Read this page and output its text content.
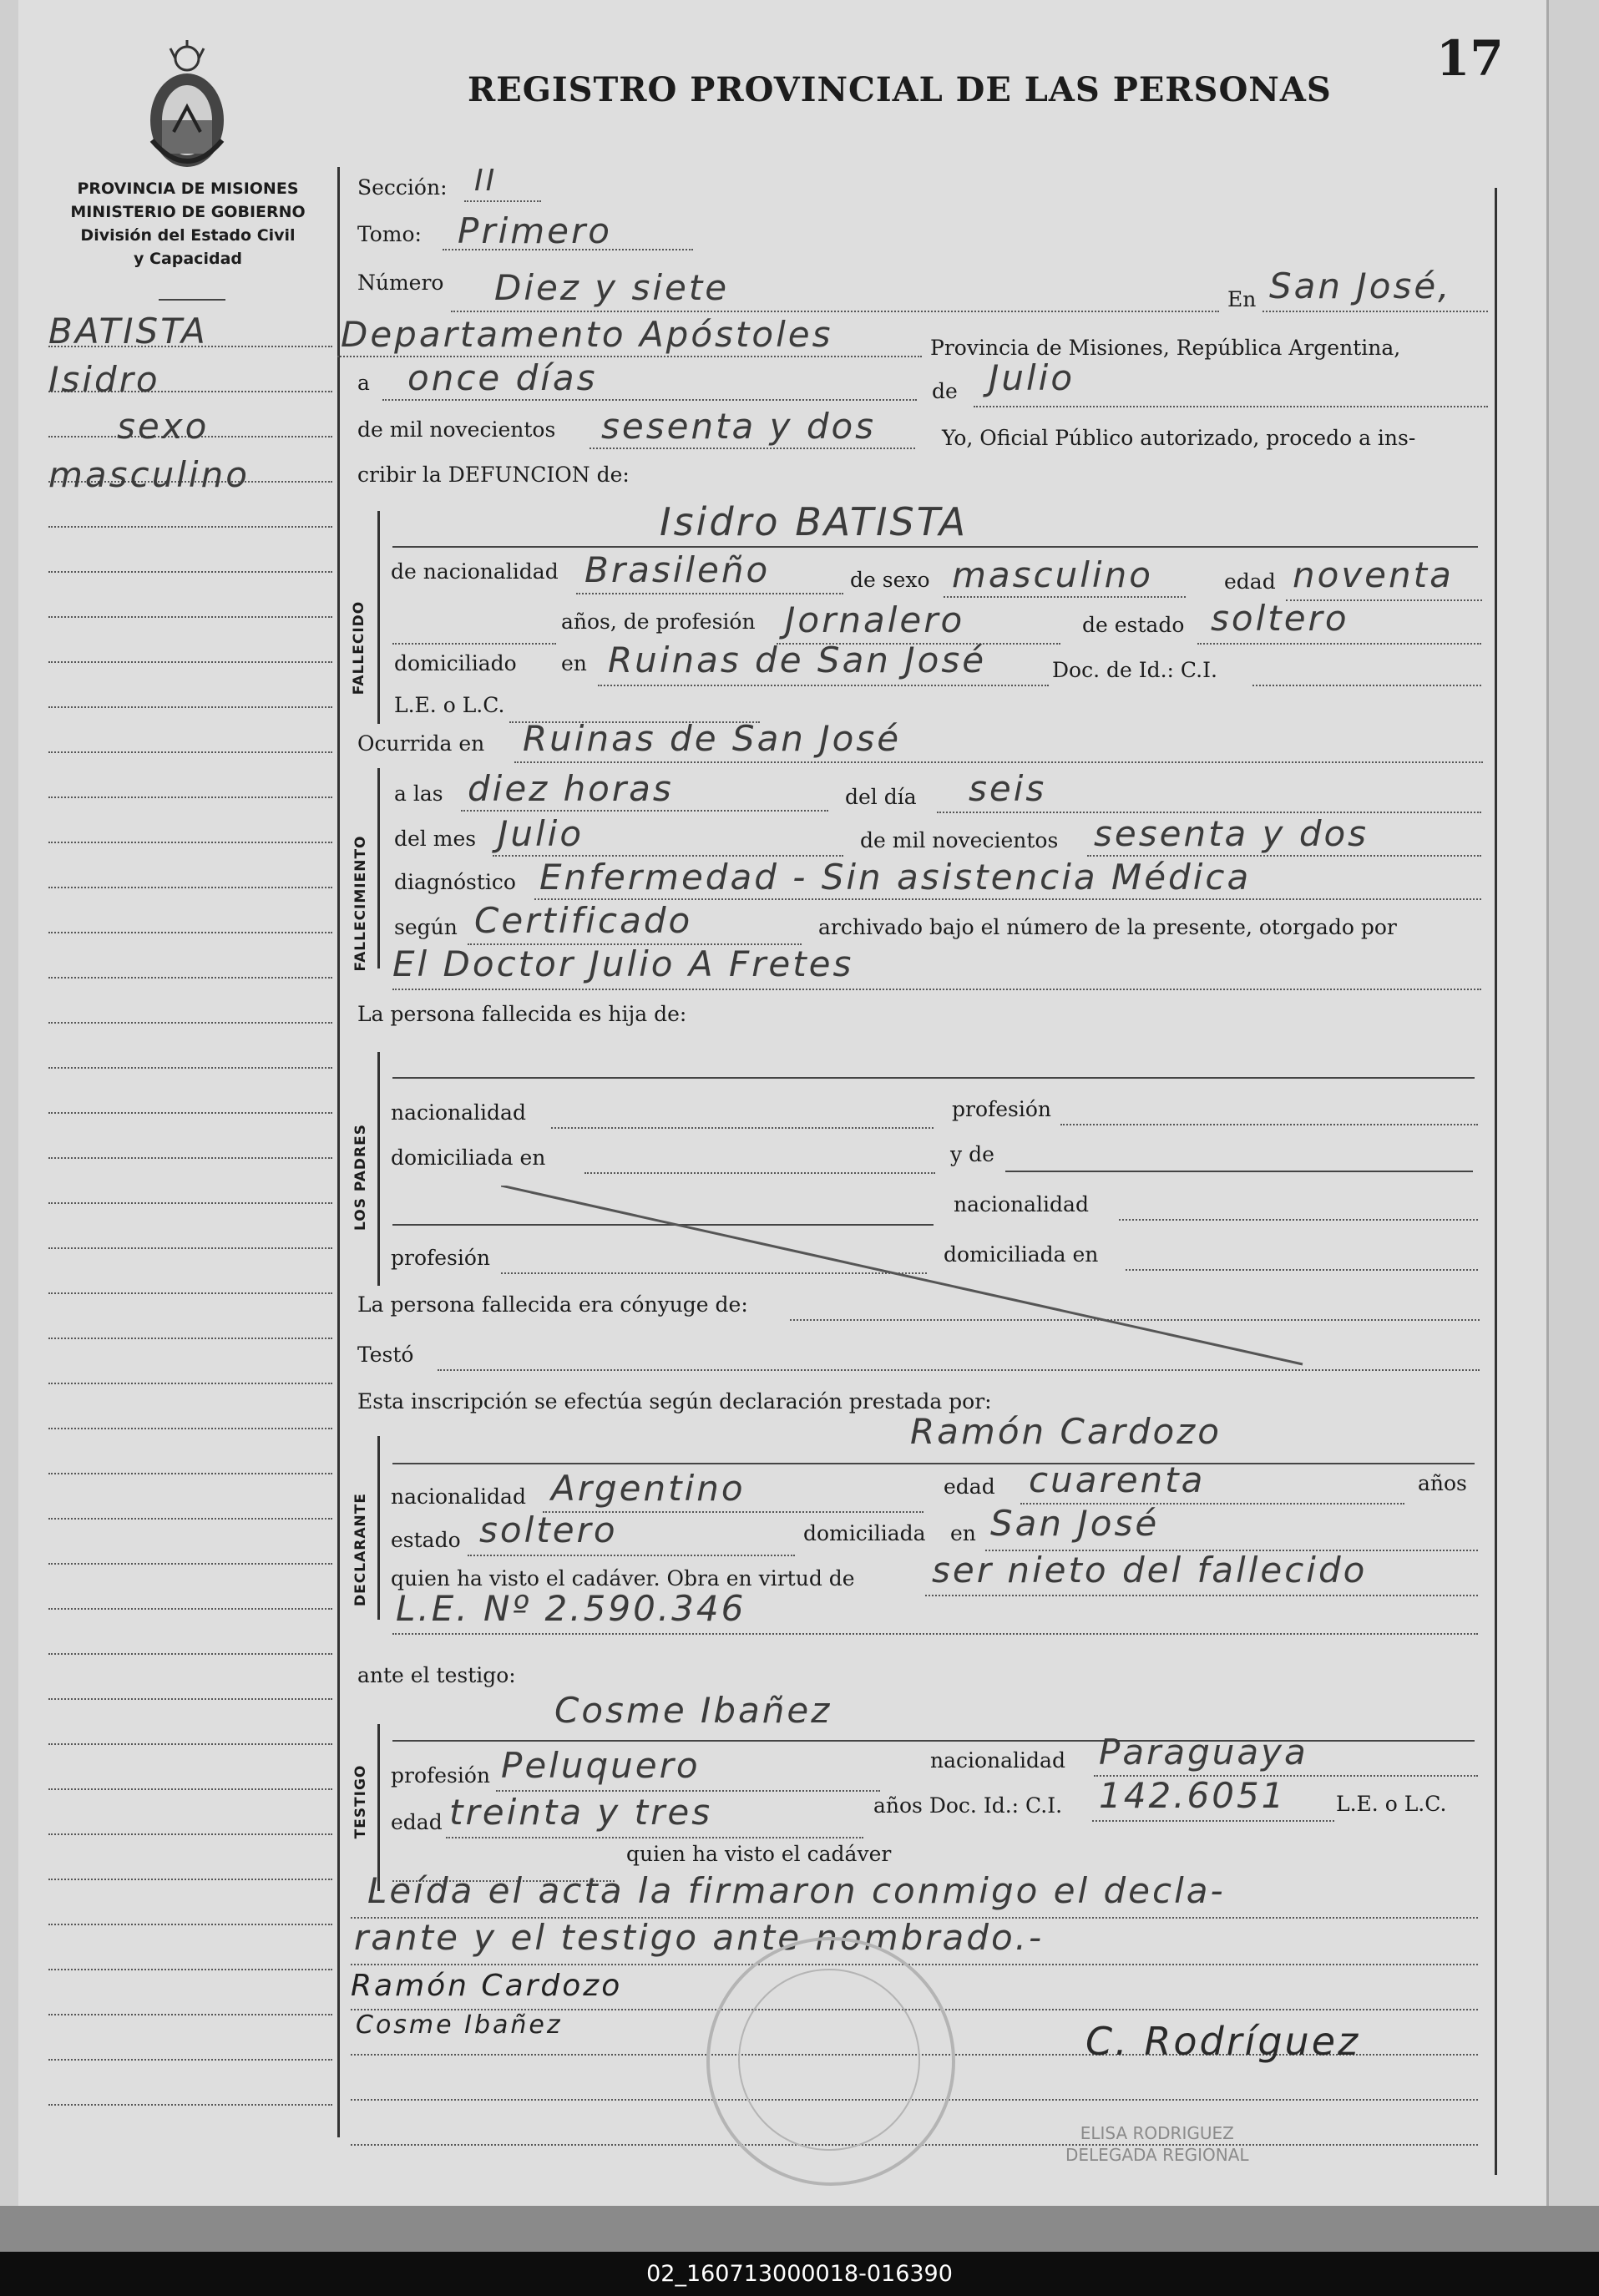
REGISTRO PROVINCIAL DE LAS PERSONAS
17
PROVINCIA DE MISIONES
MINISTERIO DE GOBIERNO
División del Estado Civil
y Capacidad
BATISTA
Isidro
sexo
masculino
FALLECIDO
FALLECIMIENTO
LOS PADRES
DECLARANTE
TESTIGO
Sección: II
Tomo: Primero
Número Diez y siete	En San José,
Departamento Apóstoles	Provincia de Misiones, República Argentina,
a once días	de Julio
de mil novecientos sesenta y dos	Yo, Oficial Público autorizado, procedo a ins-
cribir la DEFUNCION de:
Isidro BATISTA
de nacionalidad Brasileño	de sexo masculino	edad noventa
años, de profesión Jornalero	de estado soltero
domiciliado en Ruinas de San José	Doc. de Id.: C.I.
L.E. o L.C.
Ocurrida en Ruinas de San José
a las diez horas	del día seis
del mes Julio	de mil novecientos sesenta y dos
diagnóstico Enfermedad - Sin asistencia Médica
según Certificado	archivado bajo el número de la presente, otorgado por
El Doctor Julio A Fretes
La persona fallecida es hija de:
nacionalidad	profesión
domiciliada en	y de
nacionalidad
profesión	domiciliada en
La persona fallecida era cónyuge de:
Testó
Esta inscripción se efectúa según declaración prestada por:
Ramón Cardozo
nacionalidad Argentino	edad cuarenta	años
estado soltero	domiciliada en San José
quien ha visto el cadáver. Obra en virtud de ser nieto del fallecido
L.E. Nº 2.590.346
ante el testigo:
Cosme Ibañez
profesión Peluquero	nacionalidad Paraguaya
edad treinta y tres	años Doc. Id.: C.I. 142.6051 L.E. o L.C.
quien ha visto el cadáver
Leída el acta la firmaron conmigo el decla-
rante y el testigo ante nombrado.-
Ramón Cardozo
Cosme Ibañez	C. Rodríguez
ELISA RODRIGUEZ
DELEGADA REGIONAL
02_160713000018-016390
